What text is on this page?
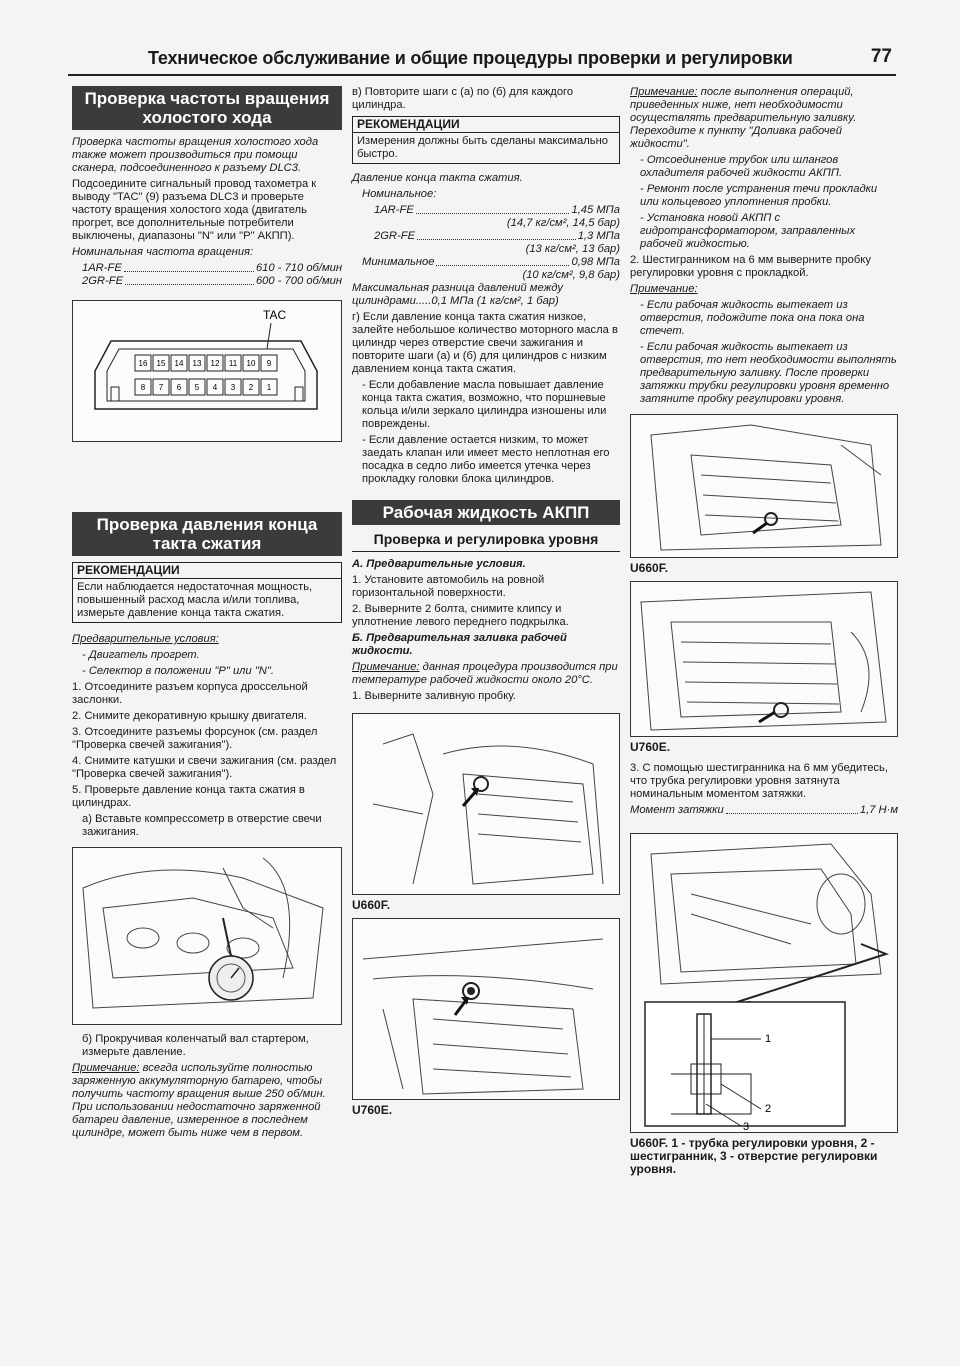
Техническое обслуживание и общие процедуры проверки и регулировки	77
Проверка частоты вращения холостого хода

Проверка частоты вращения холостого хода также может производиться при помощи сканера, подсоединенного к разъему DLC3.

Подсоедините сигнальный провод тахометра к выводу "TAC" (9) разъема DLC3 и проверьте частоту вращения холостого хода (двигатель прогрет, все дополнительные потребители выключены, диапазоны "N" или "P" АКПП).

Номинальная частота вращения:

1AR-FE	610 - 710 об/мин
2GR-FE	600 - 700 об/мин
TAC
16 15 14 13 12 11 10 9
8 7 6 5 4 3 2 1
Проверка давления конца такта сжатия
РЕКОМЕНДАЦИИ
Если наблюдается недостаточная мощность, повышенный расход масла и/или топлива, измерьте давление конца такта сжатия.

Предварительные условия:

- Двигатель прогрет.

- Селектор в положении "P" или "N".

1. Отсоедините разъем корпуса дроссельной заслонки.

2. Снимите декоративную крышку двигателя.

3. Отсоедините разъемы форсунок (см. раздел "Проверка свечей зажигания").

4. Снимите катушки и свечи зажигания (см. раздел "Проверка свечей зажигания").

5. Проверьте давление конца такта сжатия в цилиндрах.

а) Вставьте компрессометр в отверстие свечи зажигания.

б) Прокручивая коленчатый вал стартером, измерьте давление.

Примечание: всегда используйте полностью заряженную аккумуляторную батарею, чтобы получить частоту вращения выше 250 об/мин. При использовании недостаточно заряженной батареи давление, измеренное в последнем цилиндре, может быть ниже чем в первом.

в) Повторите шаги с (а) по (б) для каждого цилиндра.

РЕКОМЕНДАЦИИ
Измерения должны быть сделаны максимально быстро.

Давление конца такта сжатия.

Номинальное:

1AR-FE	1,45 МПа
(14,7 кг/см², 14,5 бар)
2GR-FE	1,3 МПа
(13 кг/см², 13 бар)
Минимальное	0,98 МПа
(10 кг/см², 9,8 бар)

Максимальная разница давлений между цилиндрами.....0,1 МПа (1 кг/см², 1 бар)

г) Если давление конца такта сжатия низкое, залейте небольшое количество моторного масла в цилиндр через отверстие свечи зажигания и повторите шаги (а) и (б) для цилиндров с низким давлением конца такта сжатия.

- Если добавление масла повышает давление конца такта сжатия, возможно, что поршневые кольца и/или зеркало цилиндра изношены или повреждены.

- Если давление остается низким, то может заедать клапан или имеет место неплотная его посадка в седло либо имеется утечка через прокладку головки блока цилиндров.

Рабочая жидкость АКПП
Проверка и регулировка уровня

А. Предварительные условия.

1. Установите автомобиль на ровной горизонтальной поверхности.

2. Выверните 2 болта, снимите клипсу и уплотнение левого переднего подкрылка.

Б. Предварительная заливка рабочей жидкости.

Примечание: данная процедура производится при температуре рабочей жидкости около 20°С.

1. Выверните заливную пробку.

U660F.
U760E.

Примечание: после выполнения операций, приведенных ниже, нет необходимости осуществлять предварительную заливку. Переходите к пункту "Доливка рабочей жидкости".

- Отсоединение трубок или шлангов охладителя рабочей жидкости АКПП.

- Ремонт после устранения течи прокладки или кольцевого уплотнения пробки.

- Установка новой АКПП с гидротрансформатором, заправленных рабочей жидкостью.

2. Шестигранником на 6 мм выверните пробку регулировки уровня с прокладкой.

Примечание:

- Если рабочая жидкость вытекает из отверстия, подождите пока она пока она стечет.

- Если рабочая жидкость вытекает из отверстия, то нет необходимости выполнять предварительную заливку. После проверки затяжки трубки регулировки уровня временно затяните пробку регулировки уровня.

U660F.
U760E.

3. С помощью шестигранника на 6 мм убедитесь, что трубка регулировки уровня затянута номинальным моментом затяжки.

Момент затяжки	1,7 Н·м
1
2
3
U660F. 1 - трубка регулировки уровня, 2 - шестигранник, 3 - отверстие регулировки уровня.
